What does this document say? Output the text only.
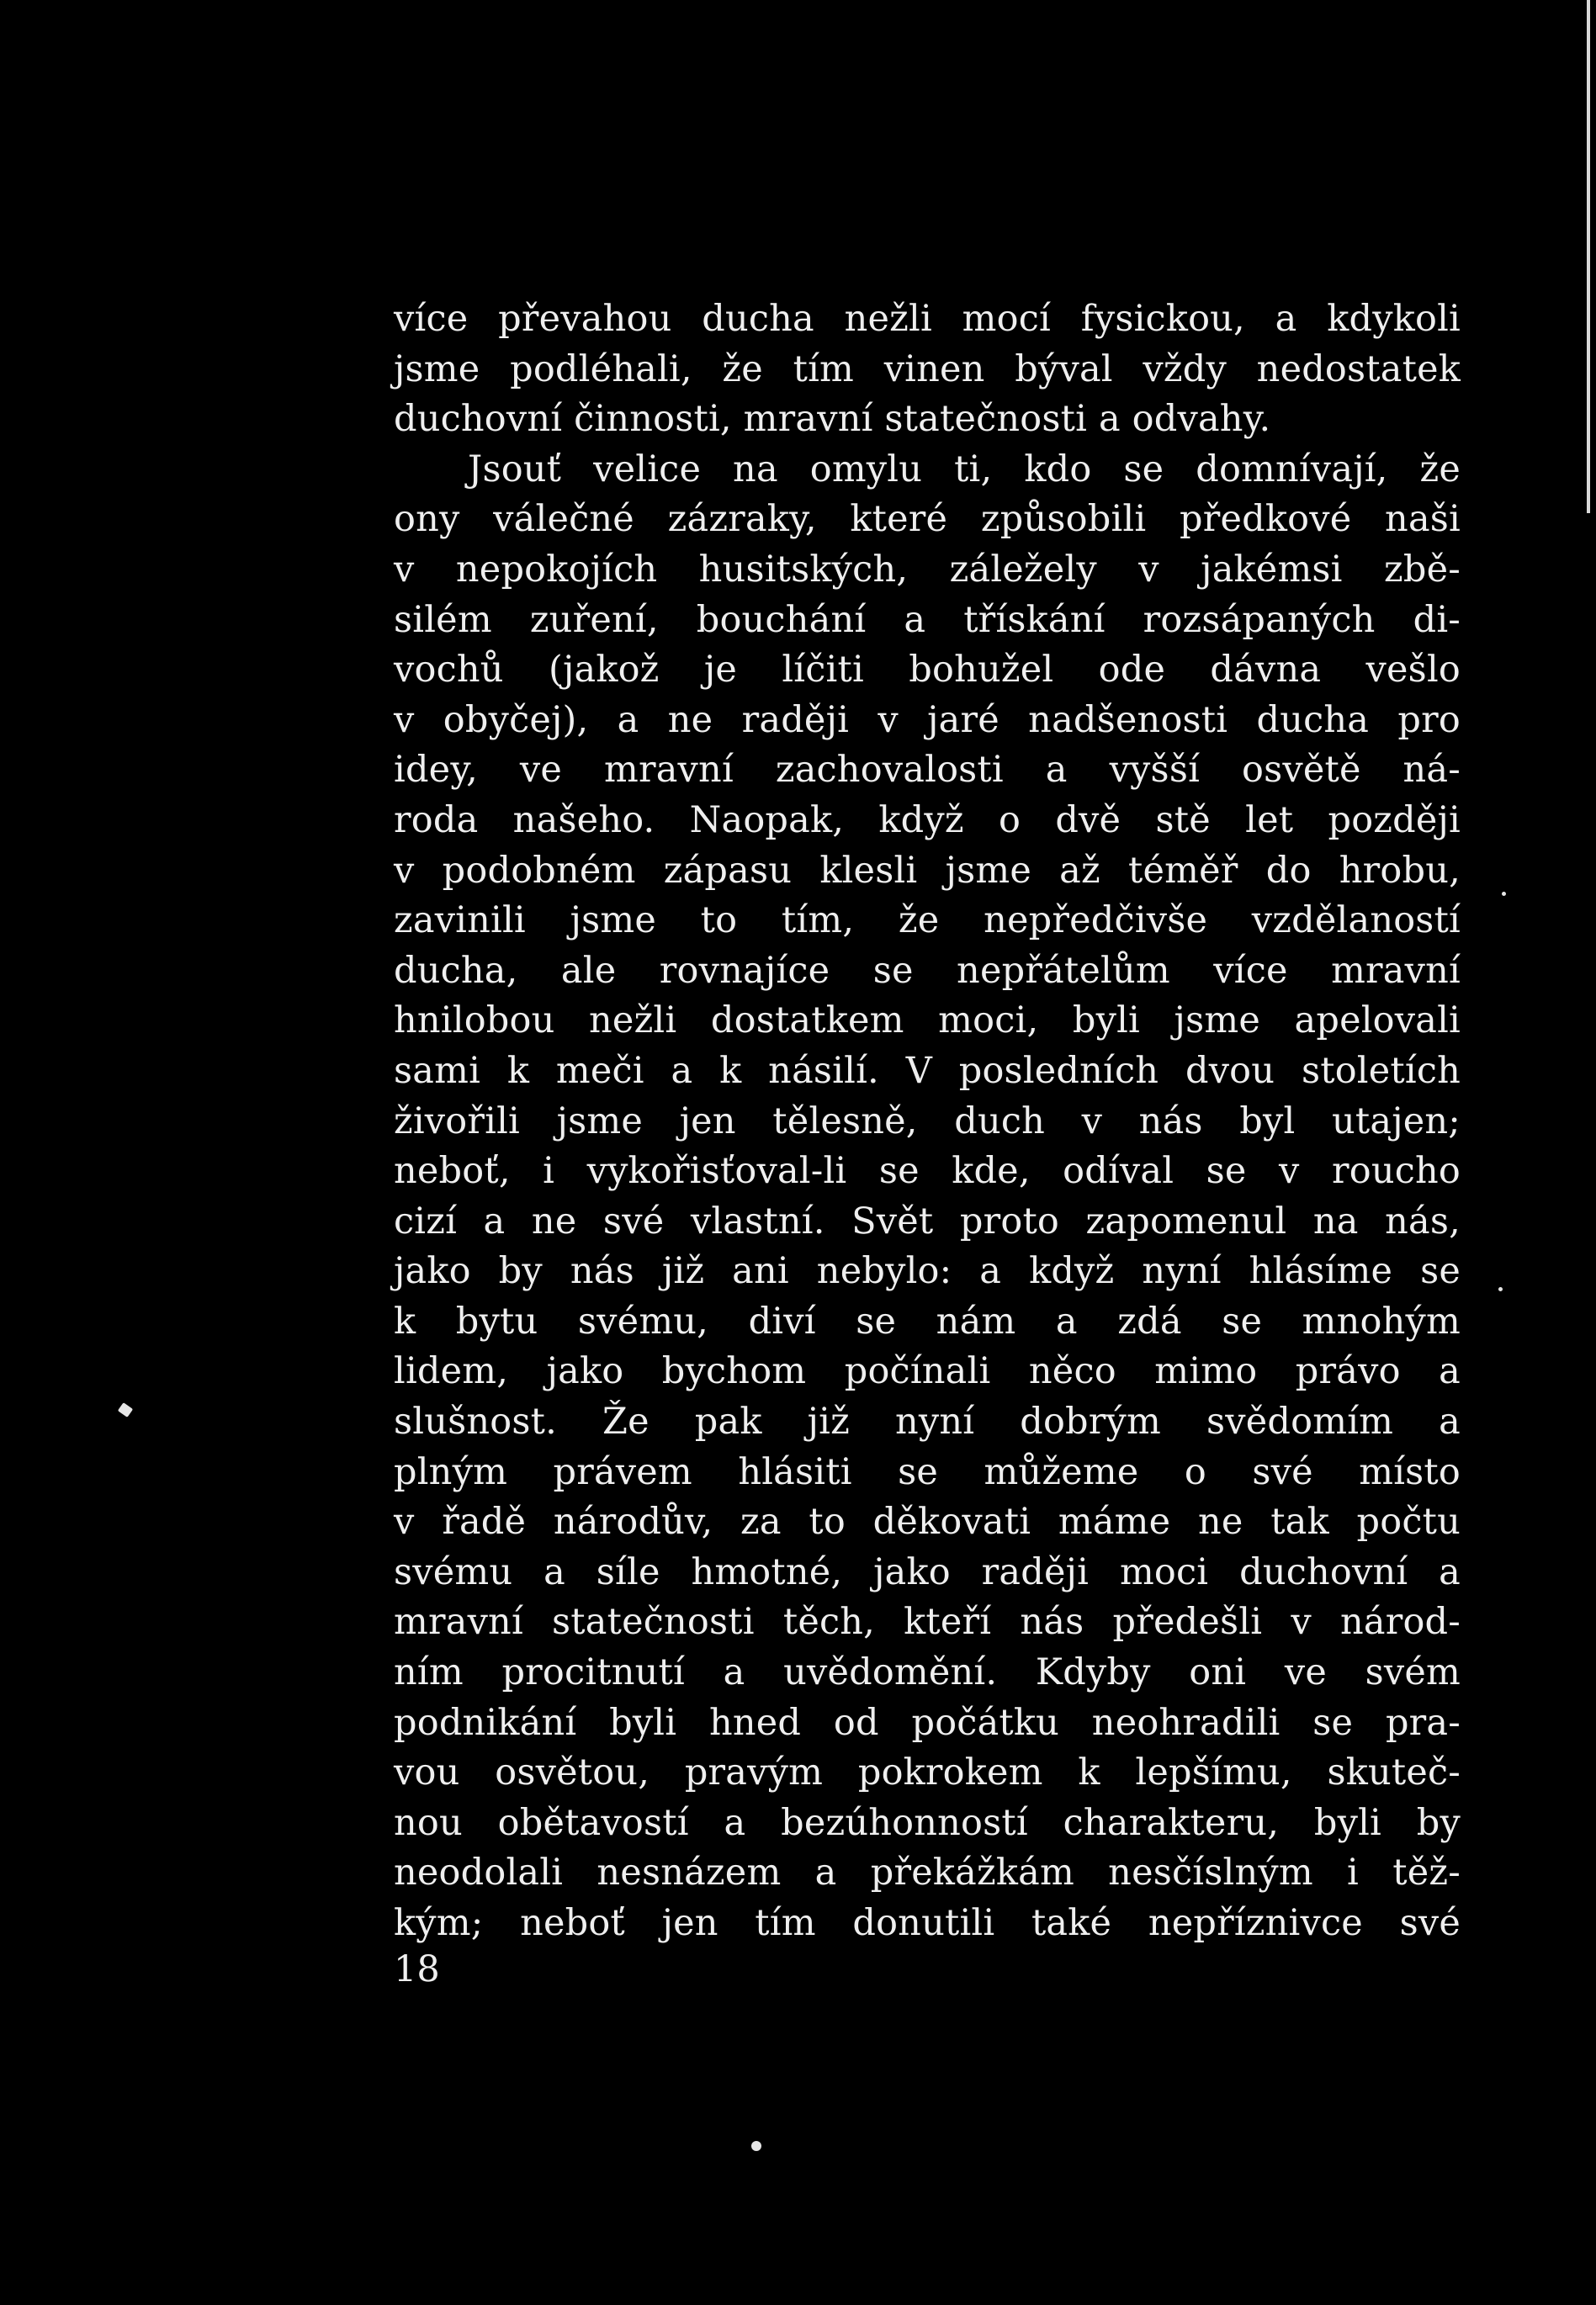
více převahou ducha nežli mocí fysickou, a kdykoli
jsme podléhali, že tím vinen býval vždy nedostatek
duchovní činnosti, mravní statečnosti a odvahy.
Jsouť velice na omylu ti, kdo se domnívají, že
ony válečné zázraky, které způsobili předkové naši
v nepokojích husitských, záležely v jakémsi zbě-
silém zuření, bouchání a třískání rozsápaných di-
vochů (jakož je líčiti bohužel ode dávna vešlo
v obyčej), a ne raději v jaré nadšenosti ducha pro
idey, ve mravní zachovalosti a vyšší osvětě ná-
roda našeho. Naopak, když o dvě stě let později
v podobném zápasu klesli jsme až téměř do hrobu,
zavinili jsme to tím, že nepředčivše vzdělaností
ducha, ale rovnajíce se nepřátelům více mravní
hnilobou nežli dostatkem moci, byli jsme apelovali
sami k meči a k násilí. V posledních dvou stoletích
živořili jsme jen tělesně, duch v nás byl utajen;
neboť, i vykořisťoval-li se kde, odíval se v roucho
cizí a ne své vlastní. Svět proto zapomenul na nás,
jako by nás již ani nebylo: a když nyní hlásíme se
k bytu svému, diví se nám a zdá se mnohým
lidem, jako bychom počínali něco mimo právo a
slušnost. Že pak již nyní dobrým svědomím a
plným právem hlásiti se můžeme o své místo
v řadě národův, za to děkovati máme ne tak počtu
svému a síle hmotné, jako raději moci duchovní a
mravní statečnosti těch, kteří nás předešli v národ-
ním procitnutí a uvědomění. Kdyby oni ve svém
podnikání byli hned od počátku neohradili se pra-
vou osvětou, pravým pokrokem k lepšímu, skuteč-
nou obětavostí a bezúhonností charakteru, byli by
neodolali nesnázem a překážkám nesčíslným i těž-
kým; neboť jen tím donutili také nepříznivce své
18
